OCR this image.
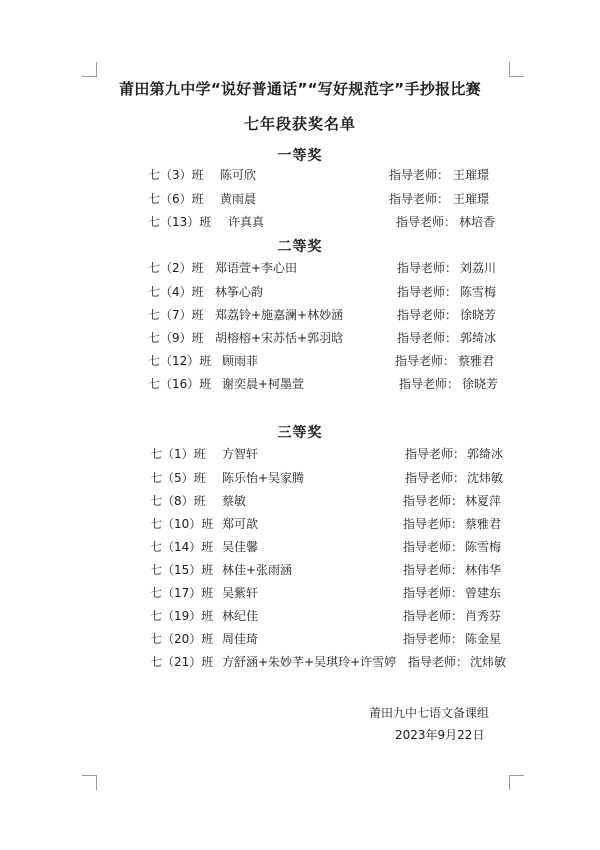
莆田第九中学“说好普通话”“写好规范字”手抄报比赛
七年段获奖名单
一等奖
七（3）班 陈可欣	指导老师： 王璀璟
七（6）班 黄雨晨	指导老师： 王璀璟
七（13）班 许真真	指导老师： 林培香
二等奖
七（2）班 郑语萱+李心田	指导老师： 刘荔川
七（4）班 林筝心韵	指导老师： 陈雪梅
七（7）班 郑荔铃+施嘉澜+林妙涵	指导老师： 徐晓芳
七（9）班 胡榕榕+宋苏恬+郭羽晗	指导老师： 郭绮冰
七（12）班 顾雨菲	指导老师： 蔡雅君
七（16）班 谢奕晨+柯墨萱	指导老师： 徐晓芳
三等奖
七（1）班 方智轩	指导老师： 郭绮冰
七（5）班 陈乐怡+吴家腾	指导老师： 沈炜敏
七（8）班 蔡敏	指导老师： 林夏萍
七（10）班 郑可歆	指导老师： 蔡雅君
七（14）班 吴佳馨	指导老师： 陈雪梅
七（15）班 林佳+张雨涵	指导老师： 林伟华
七（17）班 吴紫轩	指导老师： 曾建东
七（19）班 林纪佳	指导老师： 肖秀芬
七（20）班 周佳琦	指导老师： 陈金星
七（21）班 方舒涵+朱妙芊+吴琪玲+许雪婷 指导老师： 沈炜敏
莆田九中七语文备课组
2023年9月22日
